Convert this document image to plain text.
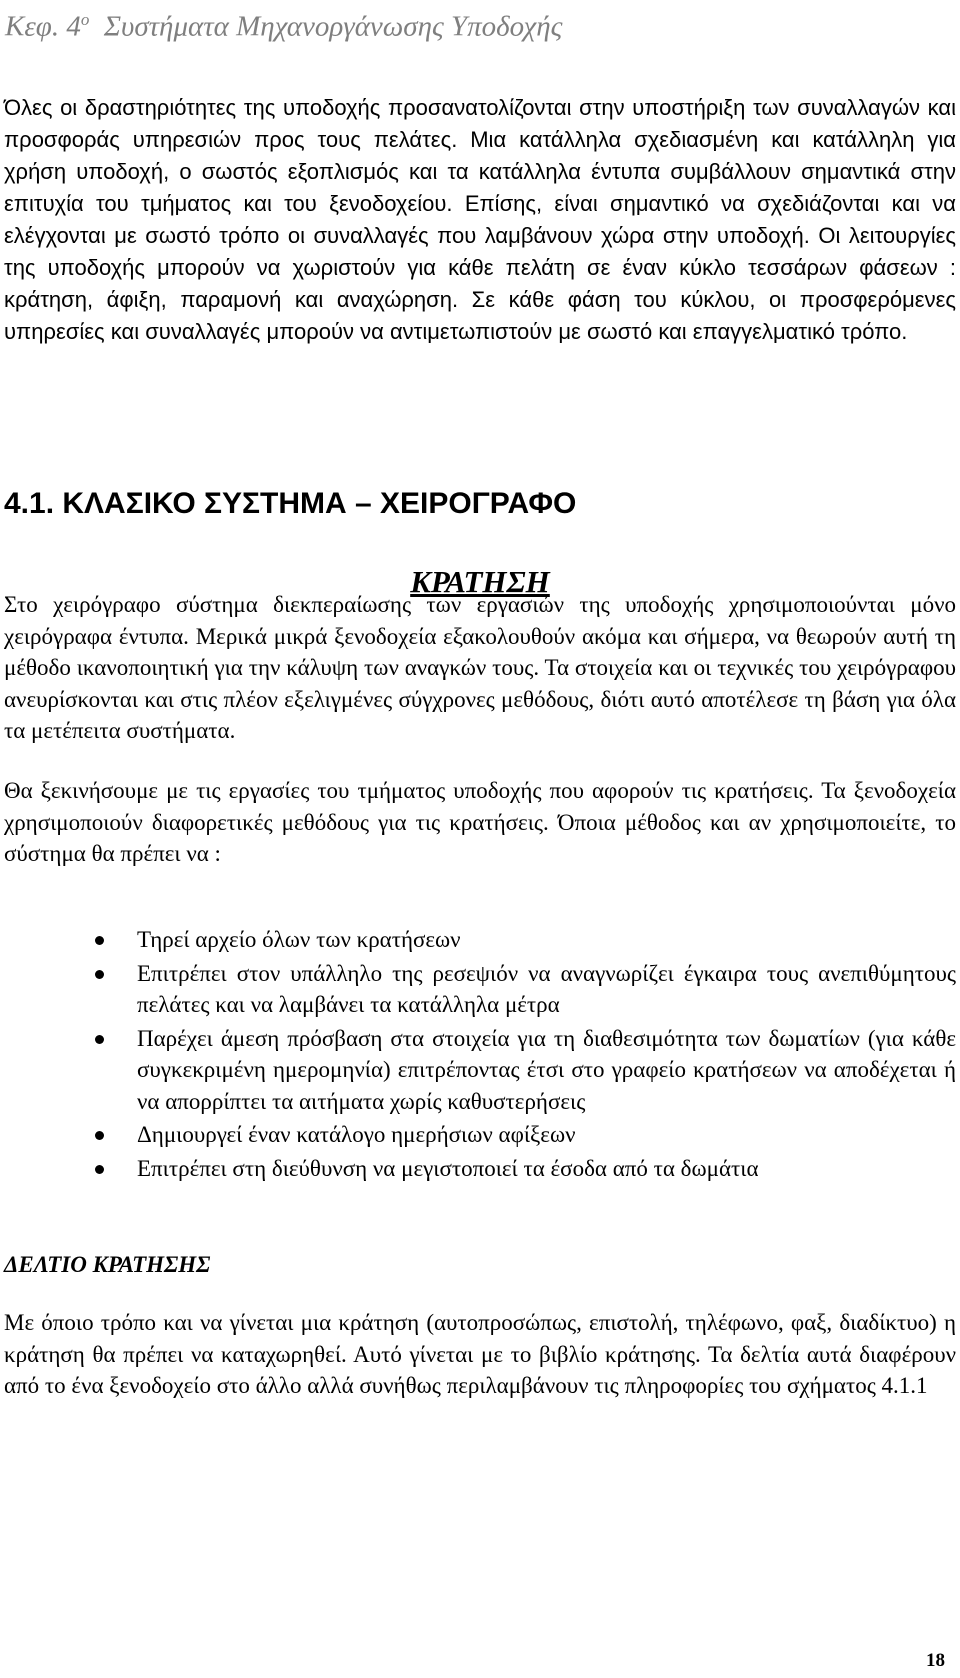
Κεφ. $4^o$ Συστήματα Μηχανοργάνωσης Υποδοχής

Όλες οι δραστηριότητες της υποδοχής προσανατολίζονται στην υποστήριξη των συναλλαγών και προσφοράς υπηρεσιών προς τους πελάτες. Μια κατάλληλα σχεδιασμένη και κατάλληλη για χρήση υποδοχή, ο σωστός εξοπλισμός και τα κατάλληλα έντυπα συμβάλλουν σημαντικά στην επιτυχία του τμήματος και του ξενοδοχείου. Επίσης, είναι σημαντικό να σχεδιάζονται και να ελέγχονται με σωστό τρόπο οι συναλλαγές που λαμβάνουν χώρα στην υποδοχή. Οι λειτουργίες της υποδοχής μπορούν να χωριστούν για κάθε πελάτη σε έναν κύκλο τεσσάρων φάσεων : κράτηση, άφιξη, παραμονή και αναχώρηση. Σε κάθε φάση του κύκλου, οι προσφερόμενες υπηρεσίες και συναλλαγές μπορούν να αντιμετωπιστούν με σωστό και επαγγελματικό τρόπο.

4.1. ΚΛΑΣΙΚΟ ΣΥΣΤΗΜΑ – ΧΕΙΡΟΓΡΑΦΟ
ΚΡΑΤΗΣΗ

Στο χειρόγραφο σύστημα διεκπεραίωσης των εργασιών της υποδοχής χρησιμοποιούνται μόνο χειρόγραφα έντυπα. Μερικά μικρά ξενοδοχεία εξακολουθούν ακόμα και σήμερα, να θεωρούν αυτή τη μέθοδο ικανοποιητική για την κάλυψη των αναγκών τους. Τα στοιχεία και οι τεχνικές του χειρόγραφου ανευρίσκονται και στις πλέον εξελιγμένες σύγχρονες μεθόδους, διότι αυτό αποτέλεσε τη βάση για όλα τα μετέπειτα συστήματα.

Θα ξεκινήσουμε με τις εργασίες του τμήματος υποδοχής που αφορούν τις κρατήσεις. Τα ξενοδοχεία χρησιμοποιούν διαφορετικές μεθόδους για τις κρατήσεις. Όποια μέθοδος και αν χρησιμοποιείτε, το σύστημα θα πρέπει να :

Τηρεί αρχείο όλων των κρατήσεων
Επιτρέπει στον υπάλληλο της ρεσεψιόν να αναγνωρίζει έγκαιρα τους ανεπιθύμητους πελάτες και να λαμβάνει τα κατάλληλα μέτρα
Παρέχει άμεση πρόσβαση στα στοιχεία για τη διαθεσιμότητα των δωματίων (για κάθε συγκεκριμένη ημερομηνία) επιτρέποντας έτσι στο γραφείο κρατήσεων να αποδέχεται ή να απορρίπτει τα αιτήματα χωρίς καθυστερήσεις
Δημιουργεί έναν κατάλογο ημερήσιων αφίξεων
Επιτρέπει στη διεύθυνση να μεγιστοποιεί τα έσοδα από τα δωμάτια
ΔΕΛΤΙΟ ΚΡΑΤΗΣΗΣ

Με όποιο τρόπο και να γίνεται μια κράτηση (αυτοπροσώπως, επιστολή, τηλέφωνο, φαξ, διαδίκτυο) η κράτηση θα πρέπει να καταχωρηθεί. Αυτό γίνεται με το βιβλίο κράτησης. Τα δελτία αυτά διαφέρουν από το ένα ξενοδοχείο στο άλλο αλλά συνήθως περιλαμβάνουν τις πληροφορίες του σχήματος 4.1.1

18
